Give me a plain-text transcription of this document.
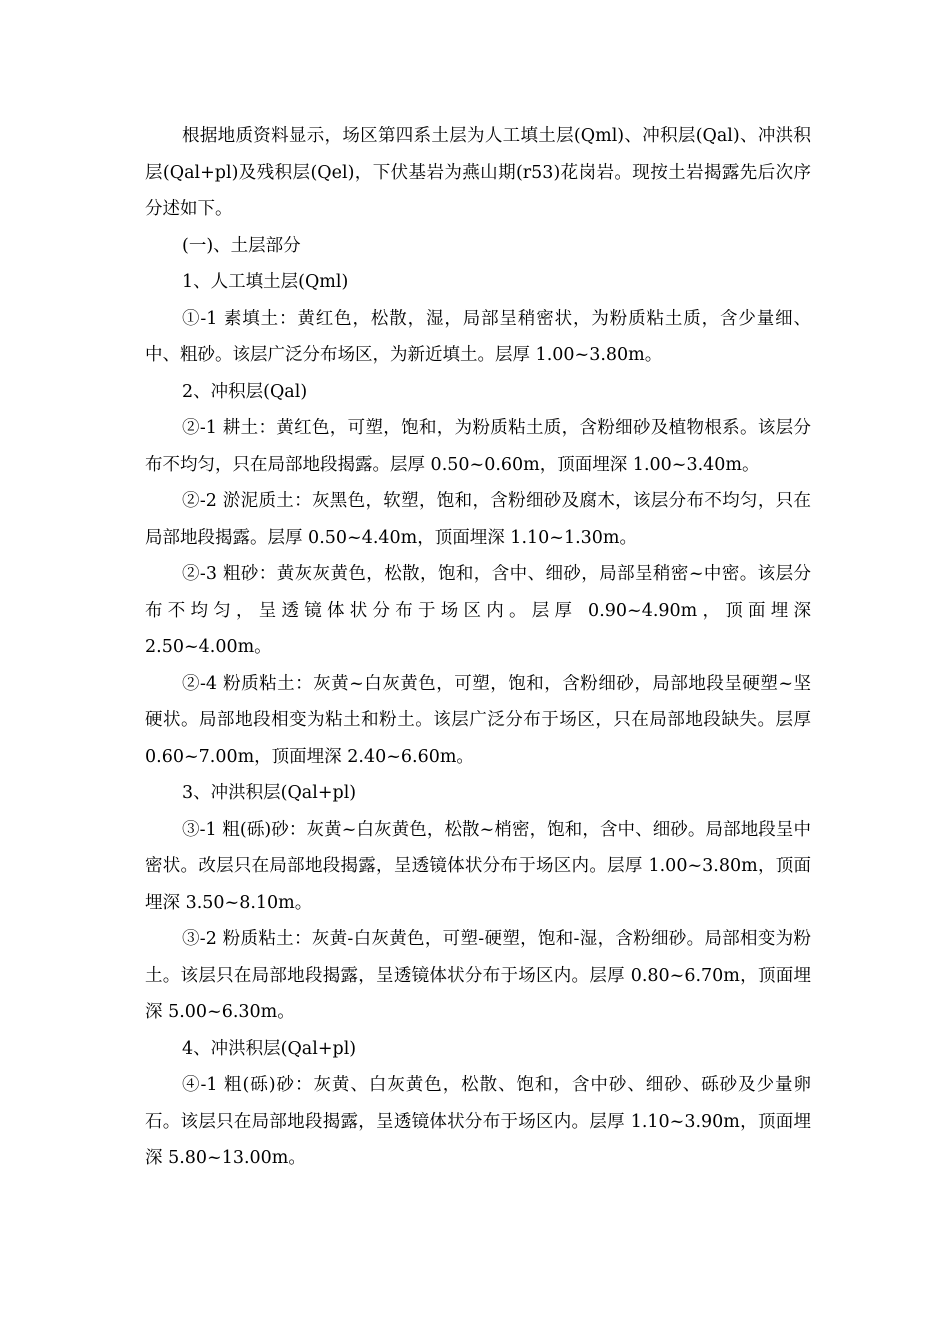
根据地质资料显示，场区第四系土层为人工填土层(Qml)、冲积层(Qal)、冲洪积层(Qal+pl)及残积层(Qel)，下伏基岩为燕山期(r53)花岗岩。现按土岩揭露先后次序分述如下。

(一)、土层部分

1、人工填土层(Qml)

①-1 素填土：黄红色，松散，湿，局部呈稍密状，为粉质粘土质，含少量细、中、粗砂。该层广泛分布场区，为新近填土。层厚 1.00~3.80m。

2、冲积层(Qal)

②-1 耕土：黄红色，可塑，饱和，为粉质粘土质，含粉细砂及植物根系。该层分布不均匀，只在局部地段揭露。层厚 0.50~0.60m，顶面埋深 1.00~3.40m。

②-2 淤泥质土：灰黑色，软塑，饱和，含粉细砂及腐木，该层分布不均匀，只在局部地段揭露。层厚 0.50~4.40m，顶面埋深 1.10~1.30m。

②-3 粗砂：黄灰灰黄色，松散，饱和，含中、细砂，局部呈稍密~中密。该层分布不均匀，呈透镜体状分布于场区内。层厚 0.90~4.90m，顶面埋深 2.50~4.00m。

②-4 粉质粘土：灰黄~白灰黄色，可塑，饱和，含粉细砂，局部地段呈硬塑~坚硬状。局部地段相变为粘土和粉土。该层广泛分布于场区，只在局部地段缺失。层厚 0.60~7.00m，顶面埋深 2.40~6.60m。

3、冲洪积层(Qal+pl)

③-1 粗(砾)砂：灰黄~白灰黄色，松散~梢密，饱和，含中、细砂。局部地段呈中密状。改层只在局部地段揭露，呈透镜体状分布于场区内。层厚 1.00~3.80m，顶面埋深 3.50~8.10m。

③-2 粉质粘土：灰黄-白灰黄色，可塑-硬塑，饱和-湿，含粉细砂。局部相变为粉土。该层只在局部地段揭露，呈透镜体状分布于场区内。层厚 0.80~6.70m，顶面埋深 5.00~6.30m。

4、冲洪积层(Qal+pl)

④-1 粗(砾)砂：灰黄、白灰黄色，松散、饱和，含中砂、细砂、砾砂及少量卵石。该层只在局部地段揭露，呈透镜体状分布于场区内。层厚 1.10~3.90m，顶面埋深 5.80~13.00m。
